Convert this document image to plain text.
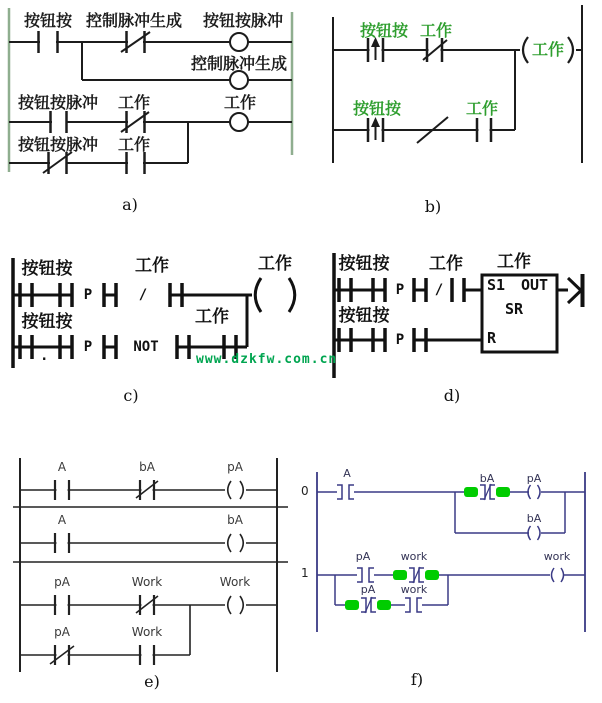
按钮按 控制脉冲生成 按钮按脉冲
控制脉冲生成
按钮按脉冲 工作	工作
按钮按脉冲 工作
a)
按钮按 工作
工作
按钮按	工作
b)
按钮按	工作	工作
P	/
按钮按
.
P	NOT
工作
c)
按钮按 工作
P /
按钮按
P
工作
S1 OUT
SR
R
d)
www.dzkfw.com.cn
A	bA	pA
A	bA
pA	Work	Work
pA	Work
e)
0
A	bA	pA
bA
1
pA	work	work
pA work
f)
